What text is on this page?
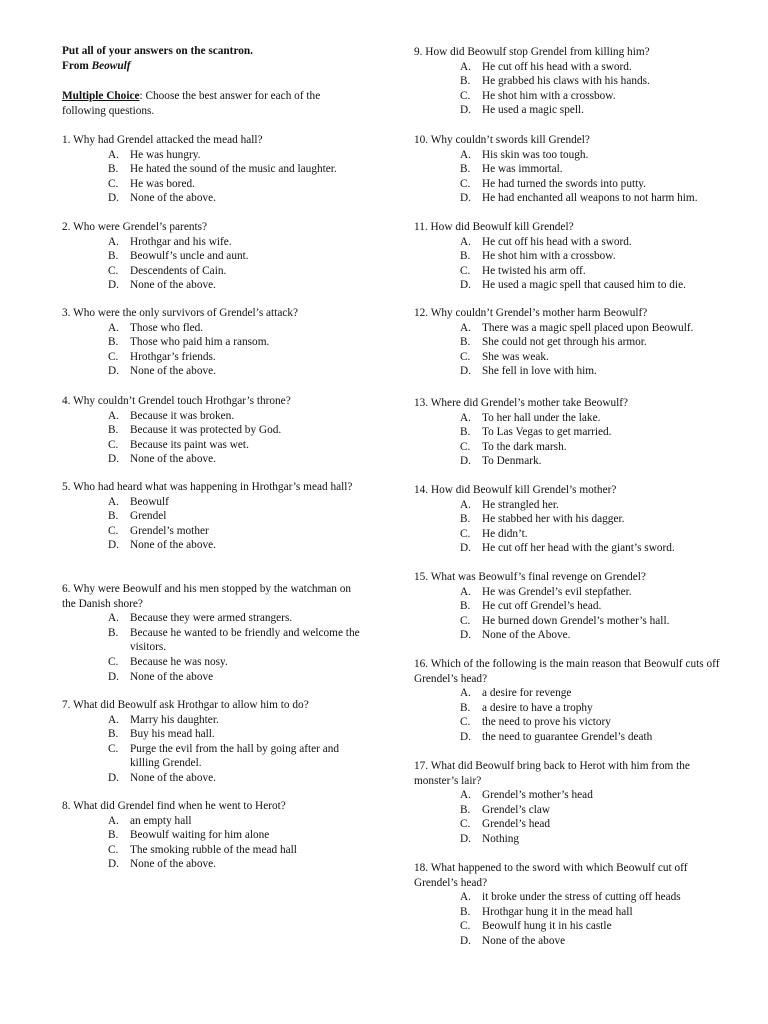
Put all of your answers on the scantron.
From Beowulf
Multiple Choice: Choose the best answer for each of the following questions.
1. Why had Grendel attacked the mead hall?
A. He was hungry.
B. He hated the sound of the music and laughter.
C. He was bored.
D. None of the above.
2. Who were Grendel’s parents?
A. Hrothgar and his wife.
B. Beowulf’s uncle and aunt.
C. Descendents of Cain.
D. None of the above.
3. Who were the only survivors of Grendel’s attack?
A. Those who fled.
B. Those who paid him a ransom.
C. Hrothgar’s friends.
D. None of the above.
4. Why couldn’t Grendel touch Hrothgar’s throne?
A. Because it was broken.
B. Because it was protected by God.
C. Because its paint was wet.
D. None of the above.
5. Who had heard what was happening in Hrothgar’s mead hall?
A. Beowulf
B. Grendel
C. Grendel’s mother
D. None of the above.
6. Why were Beowulf and his men stopped by the watchman on the Danish shore?
A. Because they were armed strangers.
B. Because he wanted to be friendly and welcome the visitors.
C. Because he was nosy.
D. None of the above
7. What did Beowulf ask Hrothgar to allow him to do?
A. Marry his daughter.
B. Buy his mead hall.
C. Purge the evil from the hall by going after and killing Grendel.
D. None of the above.
8. What did Grendel find when he went to Herot?
A. an empty hall
B. Beowulf waiting for him alone
C. The smoking rubble of the mead hall
D. None of the above.
9. How did Beowulf stop Grendel from killing him?
A. He cut off his head with a sword.
B. He grabbed his claws with his hands.
C. He shot him with a crossbow.
D. He used a magic spell.
10. Why couldn’t swords kill Grendel?
A. His skin was too tough.
B. He was immortal.
C. He had turned the swords into putty.
D. He had enchanted all weapons to not harm him.
11. How did Beowulf kill Grendel?
A. He cut off his head with a sword.
B. He shot him with a crossbow.
C. He twisted his arm off.
D. He used a magic spell that caused him to die.
12. Why couldn’t Grendel’s mother harm Beowulf?
A. There was a magic spell placed upon Beowulf.
B. She could not get through his armor.
C. She was weak.
D. She fell in love with him.
13. Where did Grendel’s mother take Beowulf?
A. To her hall under the lake.
B. To Las Vegas to get married.
C. To the dark marsh.
D. To Denmark.
14. How did Beowulf kill Grendel’s mother?
A. He strangled her.
B. He stabbed her with his dagger.
C. He didn’t.
D. He cut off her head with the giant’s sword.
15. What was Beowulf’s final revenge on Grendel?
A. He was Grendel’s evil stepfather.
B. He cut off Grendel’s head.
C. He burned down Grendel’s mother’s hall.
D. None of the Above.
16. Which of the following is the main reason that Beowulf cuts off Grendel’s head?
A. a desire for revenge
B. a desire to have a trophy
C. the need to prove his victory
D. the need to guarantee Grendel’s death
17. What did Beowulf bring back to Herot with him from the monster’s lair?
A. Grendel’s mother’s head
B. Grendel’s claw
C. Grendel’s head
D. Nothing
18. What happened to the sword with which Beowulf cut off Grendel’s head?
A. it broke under the stress of cutting off heads
B. Hrothgar hung it in the mead hall
C. Beowulf hung it in his castle
D. None of the above
